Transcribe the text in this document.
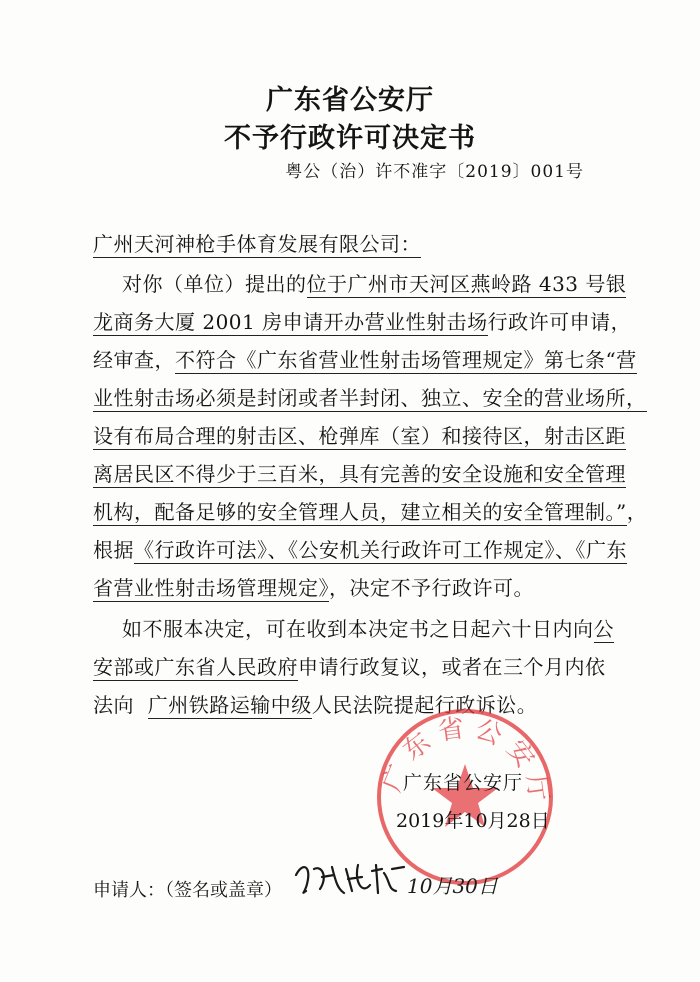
广东省公安厅
不予行政许可决定书
粤公（治）许不准字〔2019〕001号
广州天河神枪手体育发展有限公司：
对你（单位）提出的位于广州市天河区燕岭路 433 号银
龙商务大厦 2001 房申请开办营业性射击场行政许可申请，
经审查，不符合《广东省营业性射击场管理规定》第七条“营
业性射击场必须是封闭或者半封闭、独立、安全的营业场所，
设有布局合理的射击区、枪弹库（室）和接待区，射击区距
离居民区不得少于三百米，具有完善的安全设施和安全管理
机构，配备足够的安全管理人员，建立相关的安全管理制。”，
根据《行政许可法》、《公安机关行政许可工作规定》、《广东
省营业性射击场管理规定》，决定不予行政许可。
如不服本决定，可在收到本决定书之日起六十日内向公
安部或广东省人民政府申请行政复议，或者在三个月内依
法向 广州铁路运输中级人民法院提起行政诉讼。
广东省公安厅
广东省公安厅
2019年10月28日
申请人：（签名或盖章）	10月30日
